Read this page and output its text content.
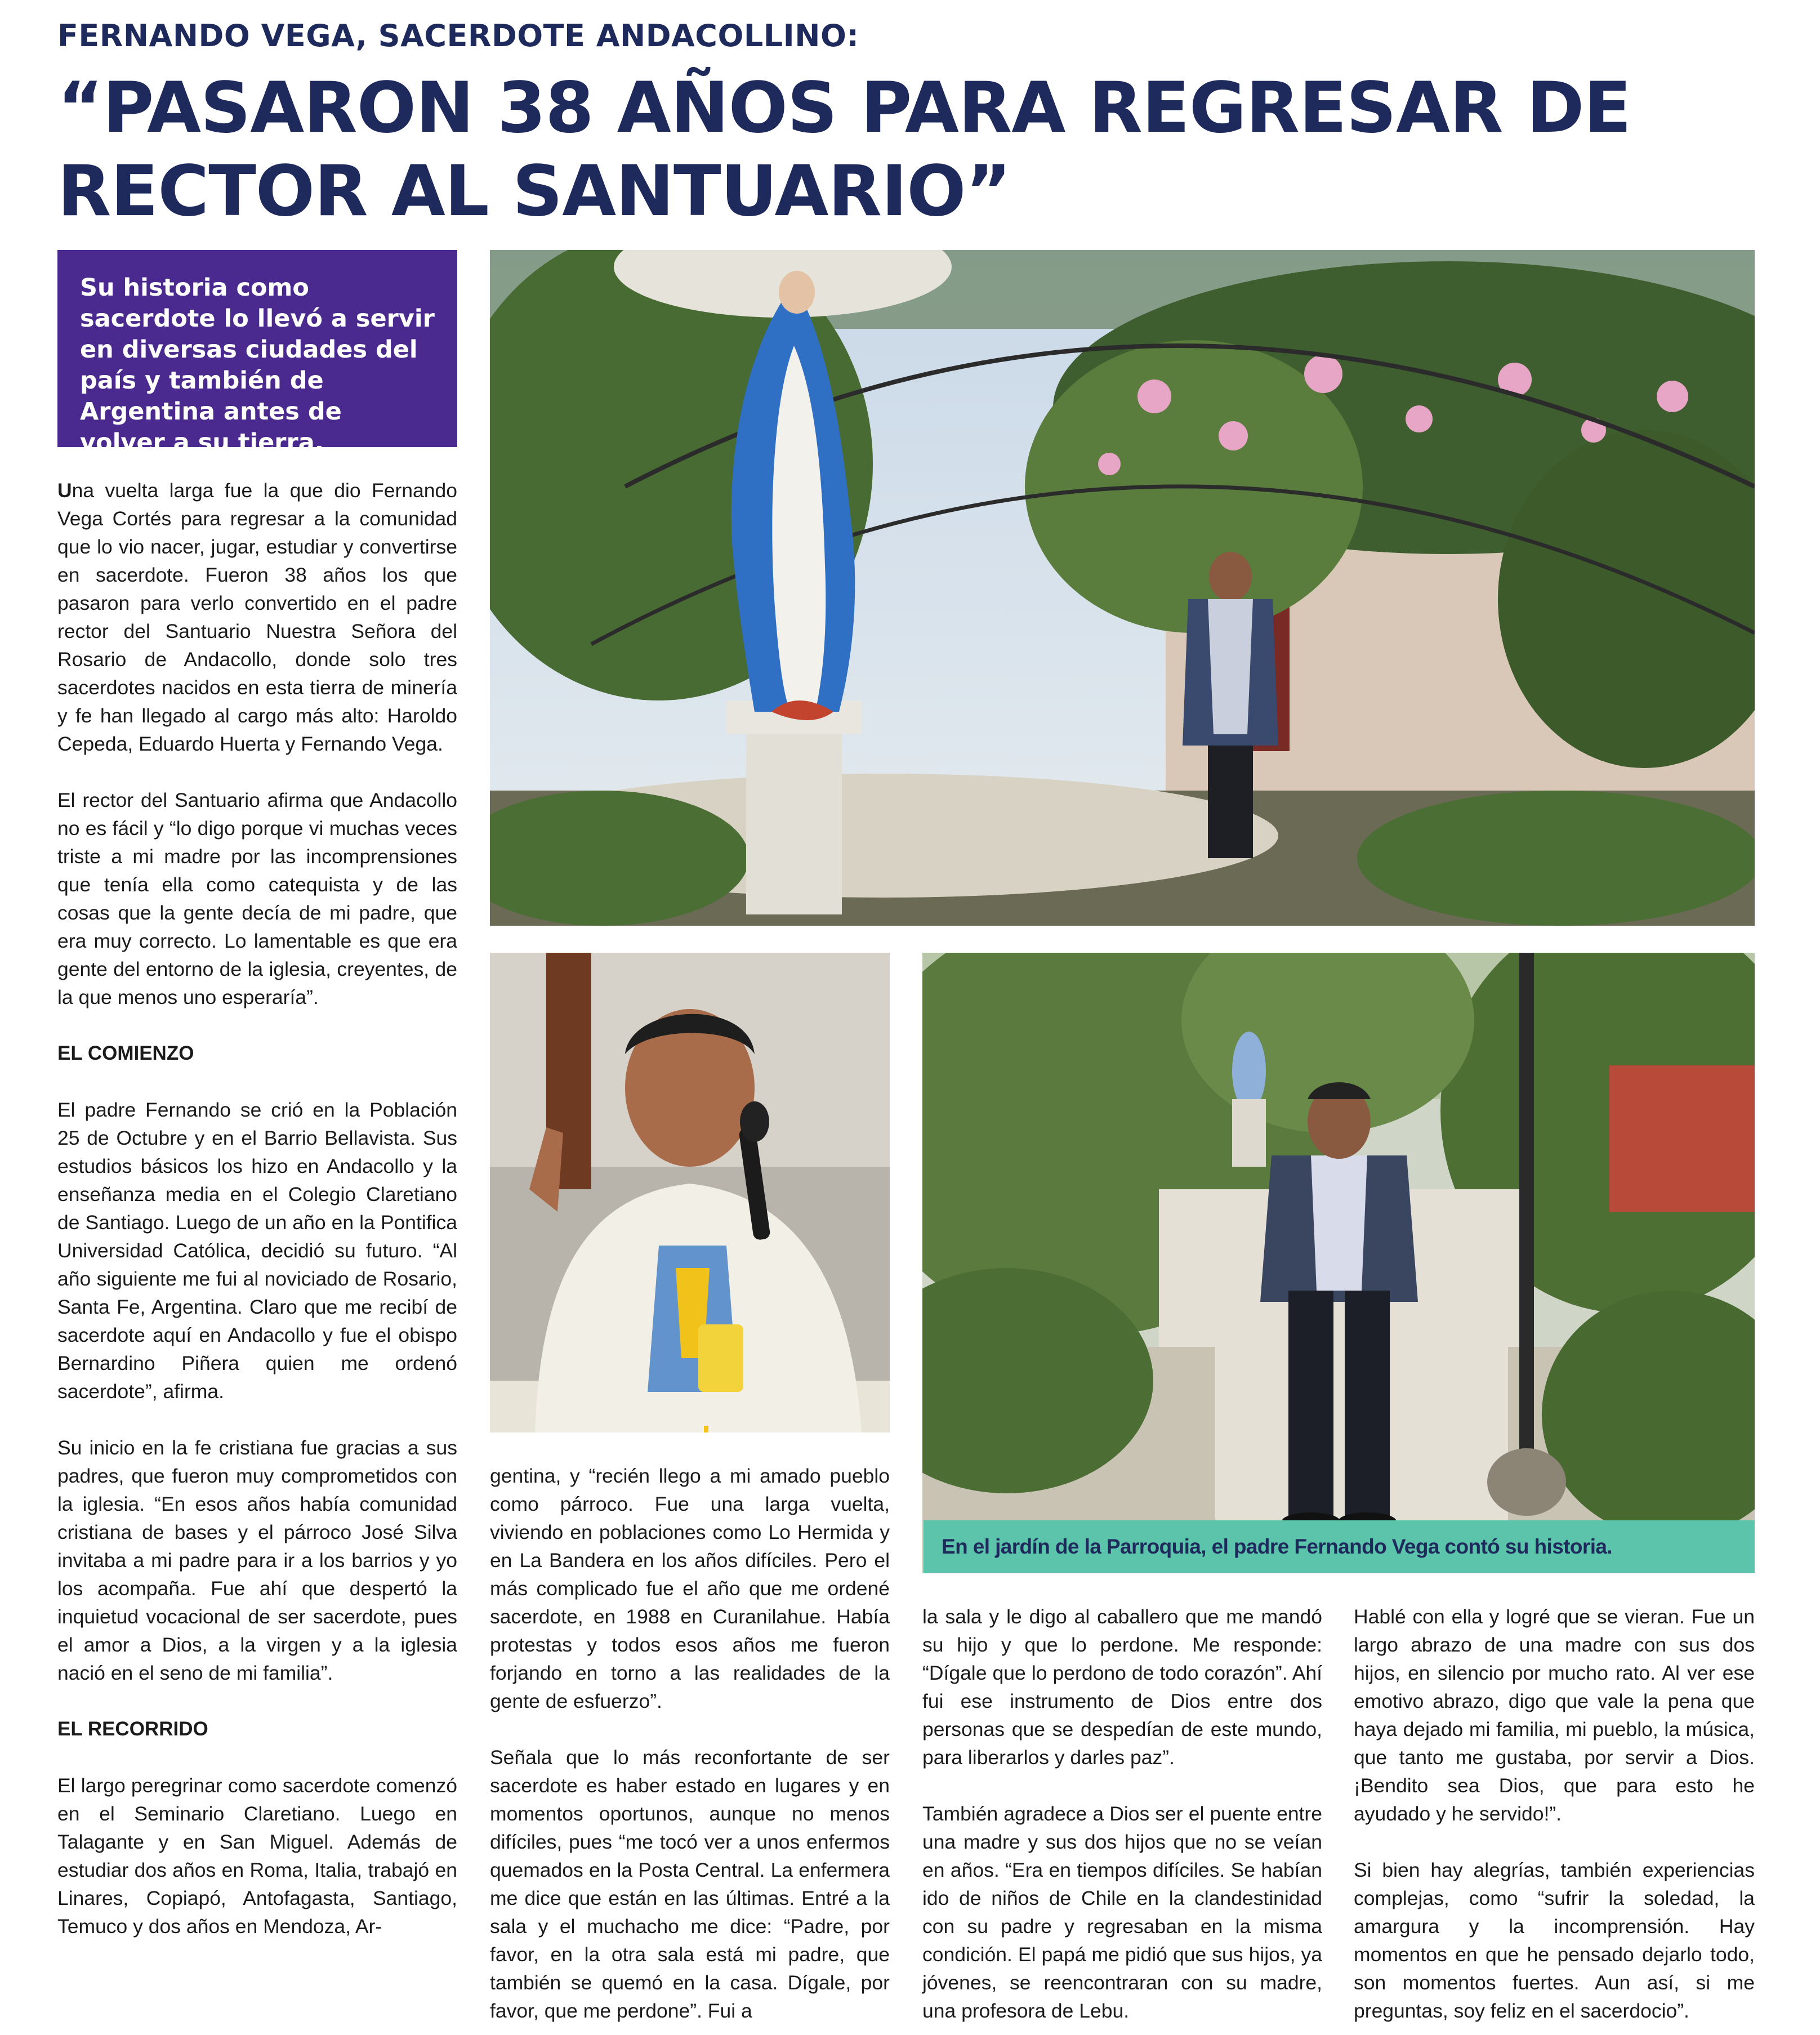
FERNANDO VEGA, SACERDOTE ANDACOLLINO:
“PASARON 38 AÑOS PARA REGRESAR DE RECTOR AL SANTUARIO”

Su historia como sacerdote lo llevó a servir en diversas ciudades del país y también de Argentina antes de volver a su tierra.

Una vuelta larga fue la que dio Fernando Vega Cortés para regresar a la comunidad que lo vio nacer, jugar, estudiar y convertirse en sacerdote. Fueron 38 años los que pasaron para verlo convertido en el padre rector del Santuario Nuestra Señora del Rosario de Andacollo, donde solo tres sacerdotes nacidos en esta tierra de minería y fe han llegado al cargo más alto: Haroldo Cepeda, Eduardo Huerta y Fernando Vega.

El rector del Santuario afirma que Andacollo no es fácil y “lo digo porque vi muchas veces triste a mi madre por las incomprensiones que tenía ella como catequista y de las cosas que la gente decía de mi padre, que era muy correcto. Lo lamentable es que era gente del entorno de la iglesia, creyentes, de la que menos uno esperaría”.

EL COMIENZO

El padre Fernando se crió en la Población 25 de Octubre y en el Barrio Bellavista. Sus estudios básicos los hizo en Andacollo y la enseñanza media en el Colegio Claretiano de Santiago. Luego de un año en la Pontifica Universidad Católica, decidió su futuro. “Al año siguiente me fui al noviciado de Rosario, Santa Fe, Argentina. Claro que me recibí de sacerdote aquí en Andacollo y fue el obispo Bernardino Piñera quien me ordenó sacerdote”, afirma.

Su inicio en la fe cristiana fue gracias a sus padres, que fueron muy comprometidos con la iglesia. “En esos años había comunidad cristiana de bases y el párroco José Silva invitaba a mi padre para ir a los barrios y yo los acompaña. Fue ahí que despertó la inquietud vocacional de ser sacerdote, pues el amor a Dios, a la virgen y a la iglesia nació en el seno de mi familia”.

EL RECORRIDO

El largo peregrinar como sacerdote comenzó en el Seminario Claretiano. Luego en Talagante y en San Miguel. Además de estudiar dos años en Roma, Italia, trabajó en Linares, Copiapó, Antofagasta, Santiago, Temuco y dos años en Mendoza, Ar-

gentina, y “recién llego a mi amado pueblo como párroco. Fue una larga vuelta, viviendo en poblaciones como Lo Hermida y en La Bandera en los años difíciles. Pero el más complicado fue el año que me ordené sacerdote, en 1988 en Curanilahue. Había protestas y todos esos años me fueron forjando en torno a las realidades de la gente de esfuerzo”.

Señala que lo más reconfortante de ser sacerdote es haber estado en lugares y en momentos oportunos, aunque no menos difíciles, pues “me tocó ver a unos enfermos quemados en la Posta Central. La enfermera me dice que están en las últimas. Entré a la sala y el muchacho me dice: “Padre, por favor, en la otra sala está mi padre, que también se quemó en la casa. Dígale, por favor, que me perdone”. Fui a

la sala y le digo al caballero que me mandó su hijo y que lo perdone. Me responde: “Dígale que lo perdono de todo corazón”. Ahí fui ese instrumento de Dios entre dos personas que se despedían de este mundo, para liberarlos y darles paz”.

También agradece a Dios ser el puente entre una madre y sus dos hijos que no se veían en años. “Era en tiempos difíciles. Se habían ido de niños de Chile en la clandestinidad con su padre y regresaban en la misma condición. El papá me pidió que sus hijos, ya jóvenes, se reencontraran con su madre, una profesora de Lebu.

Hablé con ella y logré que se vieran. Fue un largo abrazo de una madre con sus dos hijos, en silencio por mucho rato. Al ver ese emotivo abrazo, digo que vale la pena que haya dejado mi familia, mi pueblo, la música, que tanto me gustaba, por servir a Dios. ¡Bendito sea Dios, que para esto he ayudado y he servido!”.

Si bien hay alegrías, también experiencias complejas, como “sufrir la soledad, la amargura y la incomprensión. Hay momentos en que he pensado dejarlo todo, son momentos fuertes. Aun así, si me preguntas, soy feliz en el sacerdocio”.

En el jardín de la Parroquia, el padre Fernando Vega contó su historia.
